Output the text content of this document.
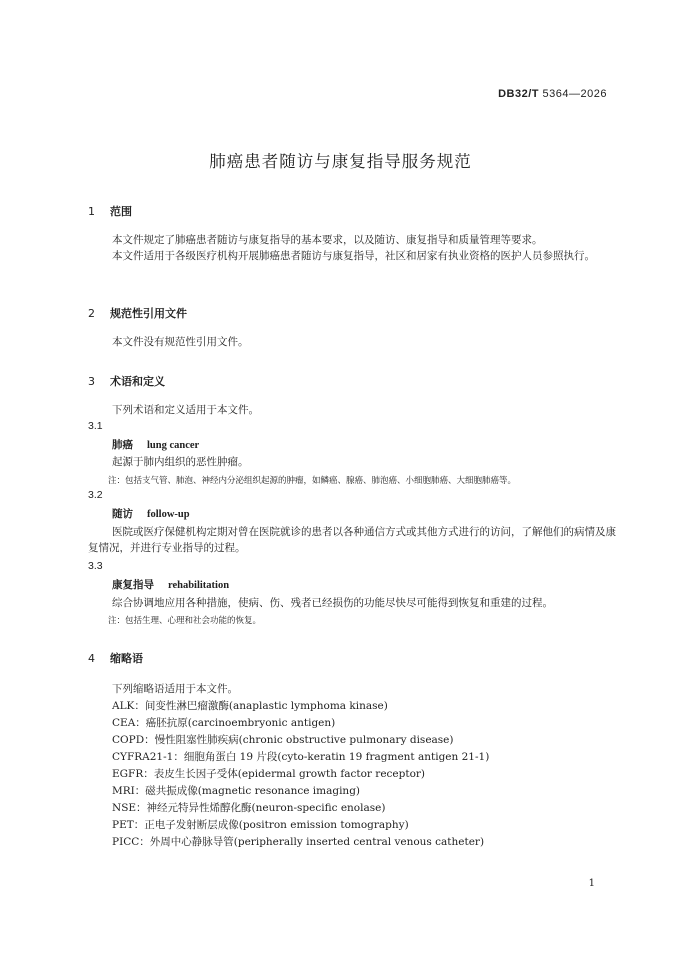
DB32/T 5364—2026
肺癌患者随访与康复指导服务规范
1 范围
本文件规定了肺癌患者随访与康复指导的基本要求，以及随访、康复指导和质量管理等要求。
本文件适用于各级医疗机构开展肺癌患者随访与康复指导，社区和居家有执业资格的医护人员参照执行。
2 规范性引用文件
本文件没有规范性引用文件。
3 术语和定义
下列术语和定义适用于本文件。
3.1
肺癌 lung cancer
起源于肺内组织的恶性肿瘤。
注：包括支气管、肺泡、神经内分泌组织起源的肿瘤，如鳞癌、腺癌、肺泡癌、小细胞肺癌、大细胞肺癌等。
3.2
随访 follow-up
医院或医疗保健机构定期对曾在医院就诊的患者以各种通信方式或其他方式进行的访问，了解他们的病情及康复情况，并进行专业指导的过程。
3.3
康复指导 rehabilitation
综合协调地应用各种措施，使病、伤、残者已经损伤的功能尽快尽可能得到恢复和重建的过程。
注：包括生理、心理和社会功能的恢复。
4 缩略语
下列缩略语适用于本文件。
ALK：间变性淋巴瘤激酶(anaplastic lymphoma kinase)
CEA：癌胚抗原(carcinoembryonic antigen)
COPD：慢性阻塞性肺疾病(chronic obstructive pulmonary disease)
CYFRA21-1：细胞角蛋白 19 片段(cyto-keratin 19 fragment antigen 21-1)
EGFR：表皮生长因子受体(epidermal growth factor receptor)
MRI：磁共振成像(magnetic resonance imaging)
NSE：神经元特异性烯醇化酶(neuron-specific enolase)
PET：正电子发射断层成像(positron emission tomography)
PICC：外周中心静脉导管(peripherally inserted central venous catheter)
1
